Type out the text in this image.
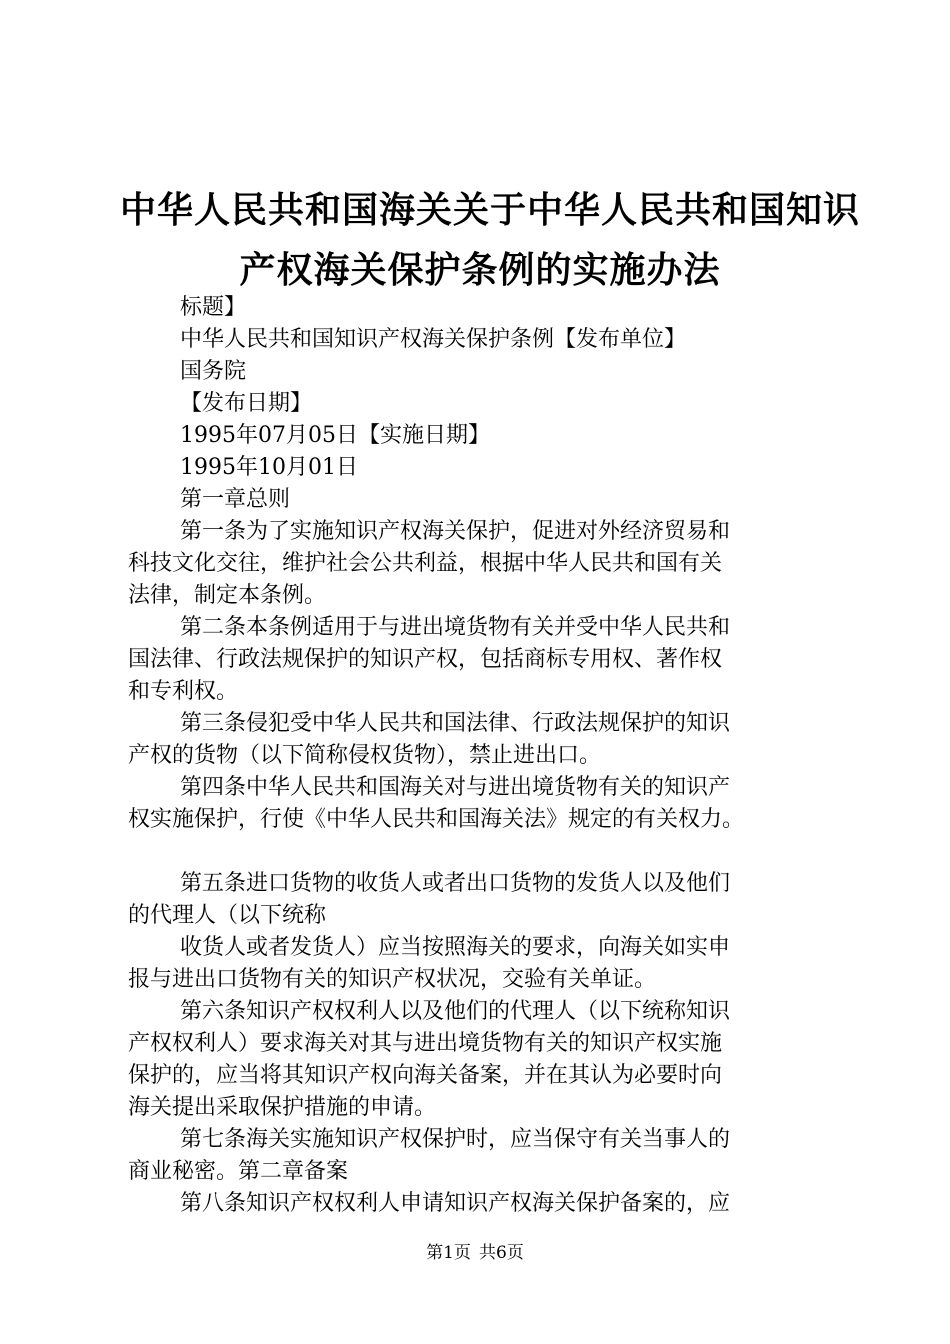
中华人民共和国海关关于中华人民共和国知识
产权海关保护条例的实施办法
标题】
中华人民共和国知识产权海关保护条例【发布单位】
国务院
【发布日期】
1995年07月05日【实施日期】
1995年10月01日
第一章总则
第一条为了实施知识产权海关保护，促进对外经济贸易和
科技文化交往，维护社会公共利益，根据中华人民共和国有关
法律，制定本条例。
第二条本条例适用于与进出境货物有关并受中华人民共和
国法律、行政法规保护的知识产权，包括商标专用权、著作权
和专利权。
第三条侵犯受中华人民共和国法律、行政法规保护的知识
产权的货物（以下简称侵权货物），禁止进出口。
第四条中华人民共和国海关对与进出境货物有关的知识产
权实施保护，行使《中华人民共和国海关法》规定的有关权力。
第五条进口货物的收货人或者出口货物的发货人以及他们
的代理人（以下统称
收货人或者发货人）应当按照海关的要求，向海关如实申
报与进出口货物有关的知识产权状况，交验有关单证。
第六条知识产权权利人以及他们的代理人（以下统称知识
产权权利人）要求海关对其与进出境货物有关的知识产权实施
保护的，应当将其知识产权向海关备案，并在其认为必要时向
海关提出采取保护措施的申请。
第七条海关实施知识产权保护时，应当保守有关当事人的
商业秘密。第二章备案
第八条知识产权权利人申请知识产权海关保护备案的，应
第1页 共6页
